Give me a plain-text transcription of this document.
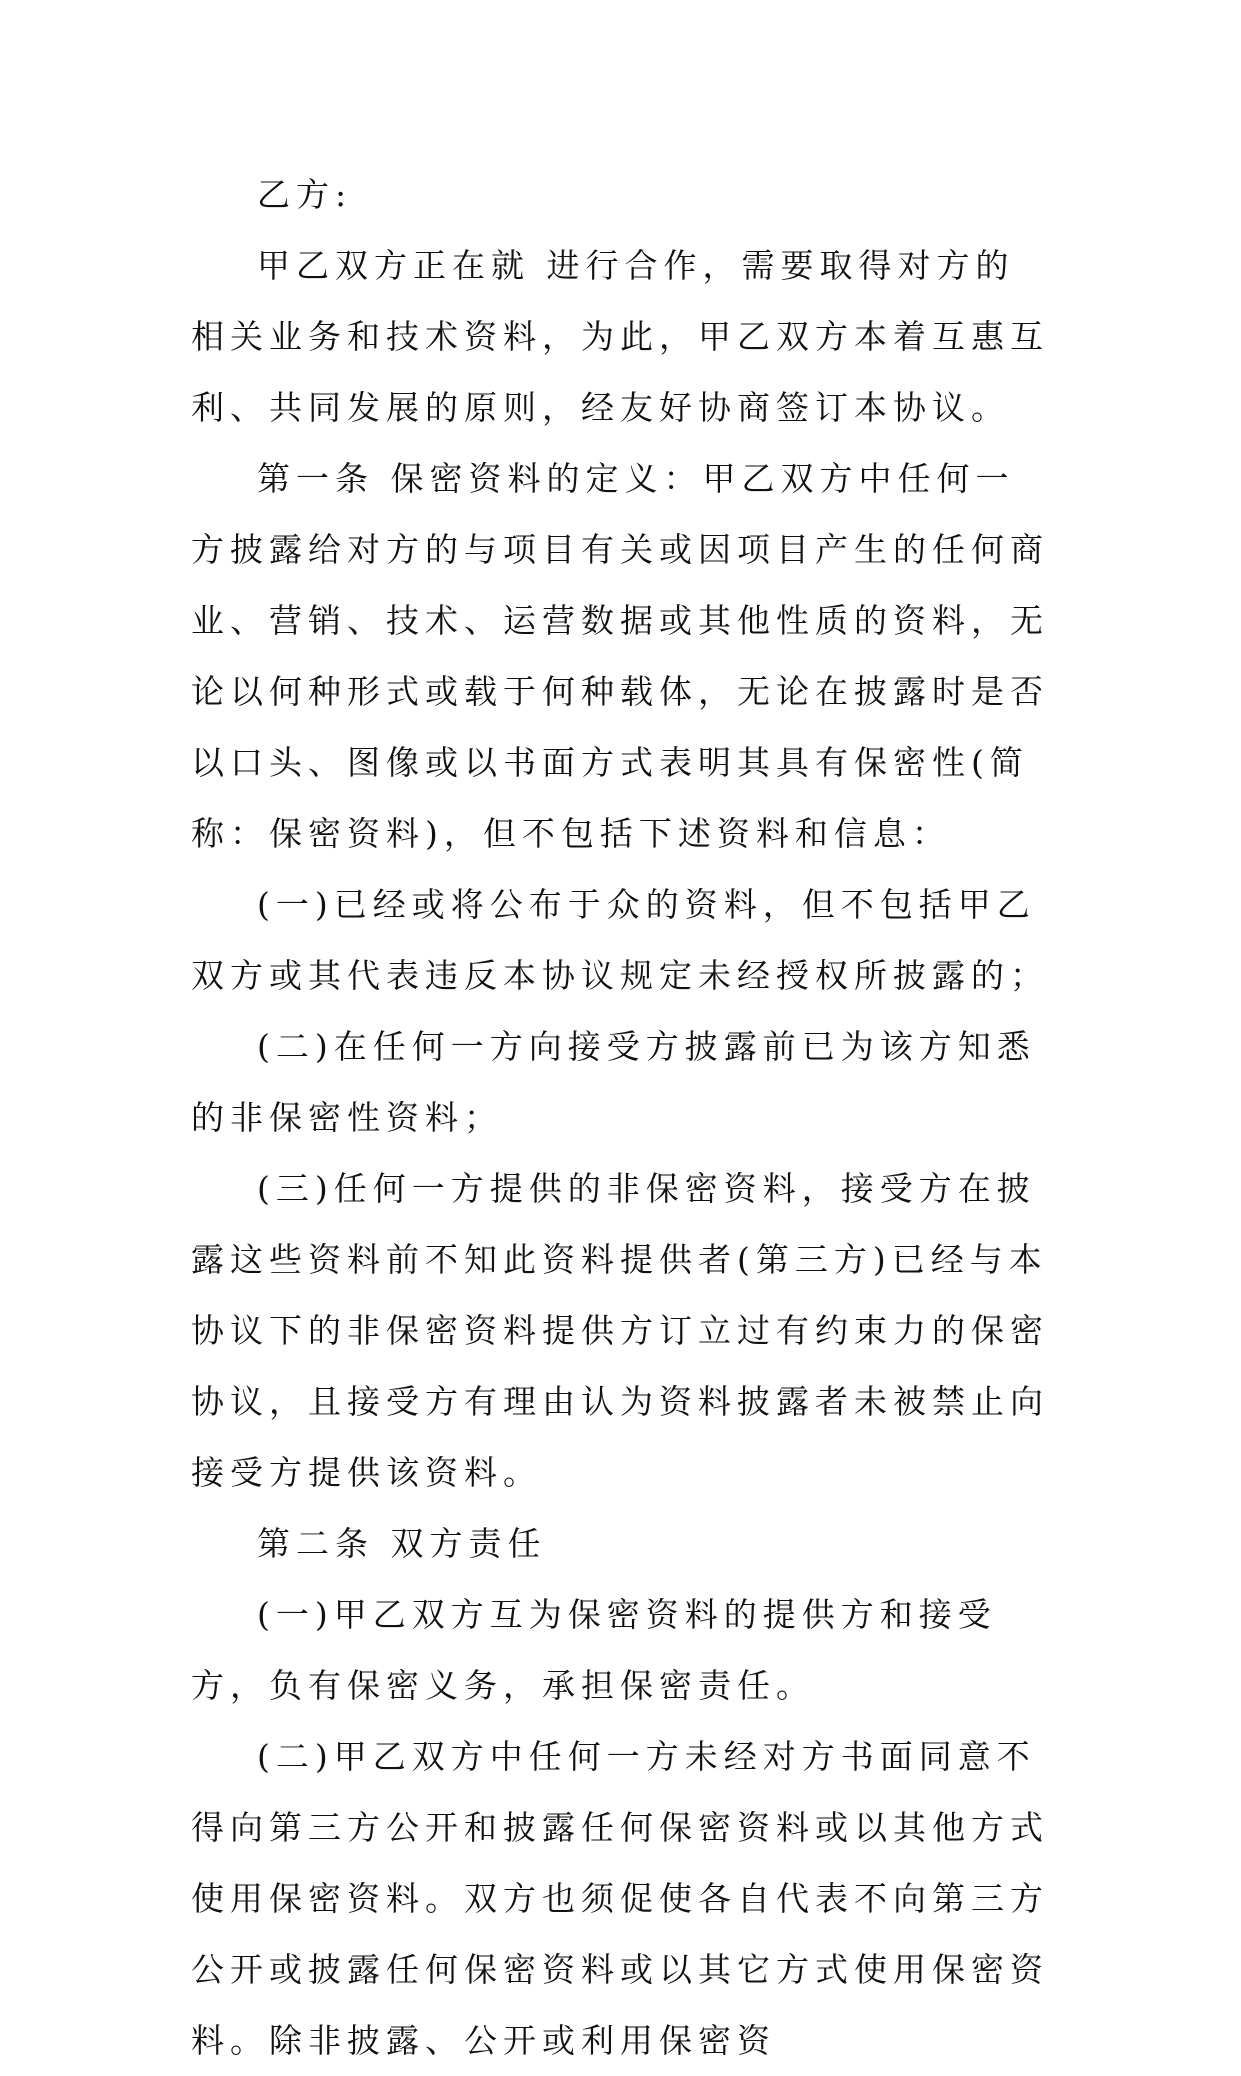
乙方:

甲乙双方正在就 进行合作，需要取得对方的相关业务和技术资料，为此，甲乙双方本着互惠互利、共同发展的原则，经友好协商签订本协议。

第一条 保密资料的定义：甲乙双方中任何一方披露给对方的与项目有关或因项目产生的任何商业、营销、技术、运营数据或其他性质的资料，无论以何种形式或载于何种载体，无论在披露时是否以口头、图像或以书面方式表明其具有保密性(简称：保密资料)，但不包括下述资料和信息：

(一)已经或将公布于众的资料，但不包括甲乙双方或其代表违反本协议规定未经授权所披露的；

(二)在任何一方向接受方披露前已为该方知悉的非保密性资料；

(三)任何一方提供的非保密资料，接受方在披露这些资料前不知此资料提供者(第三方)已经与本协议下的非保密资料提供方订立过有约束力的保密协议，且接受方有理由认为资料披露者未被禁止向接受方提供该资料。

第二条 双方责任

(一)甲乙双方互为保密资料的提供方和接受方，负有保密义务，承担保密责任。

(二)甲乙双方中任何一方未经对方书面同意不得向第三方公开和披露任何保密资料或以其他方式使用保密资料。双方也须促使各自代表不向第三方公开或披露任何保密资料或以其它方式使用保密资料。除非披露、公开或利用保密资
